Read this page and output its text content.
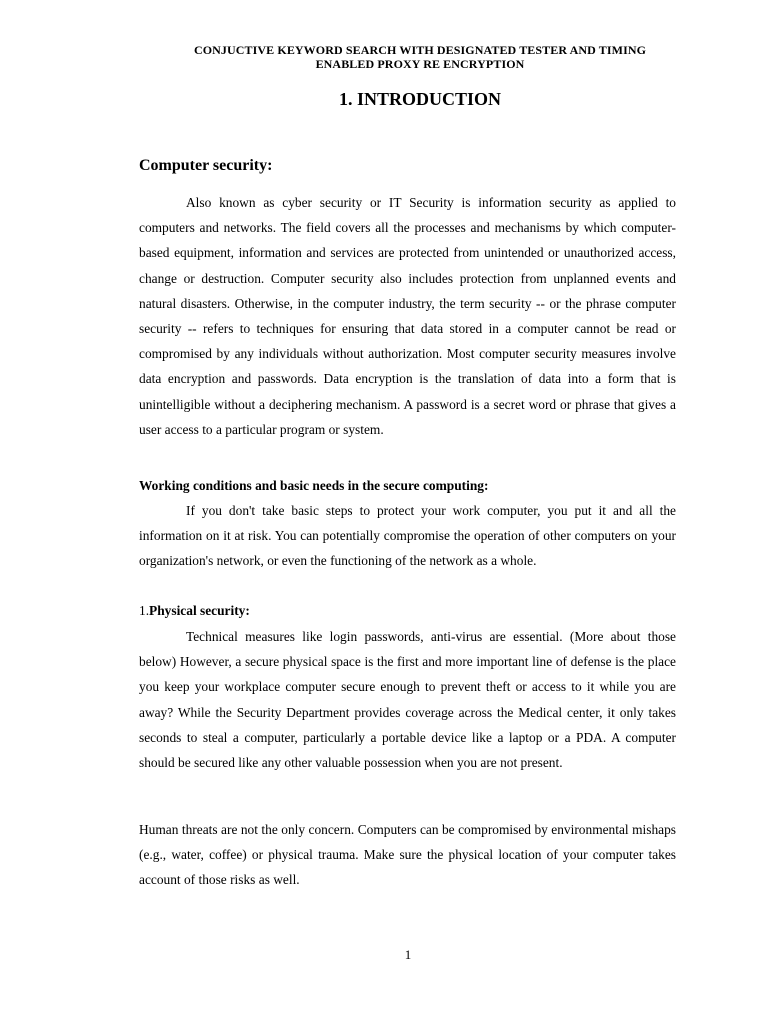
CONJUCTIVE KEYWORD SEARCH WITH DESIGNATED TESTER AND TIMING
ENABLED PROXY RE ENCRYPTION
1. INTRODUCTION
Computer security:

Also known as cyber security or IT Security is information security as applied to computers and networks. The field covers all the processes and mechanisms by which computer-based equipment, information and services are protected from unintended or unauthorized access, change or destruction. Computer security also includes protection from unplanned events and natural disasters. Otherwise, in the computer industry, the term security -- or the phrase computer security -- refers to techniques for ensuring that data stored in a computer cannot be read or compromised by any individuals without authorization. Most computer security measures involve data encryption and passwords. Data encryption is the translation of data into a form that is unintelligible without a deciphering mechanism. A password is a secret word or phrase that gives a user access to a particular program or system.

Working conditions and basic needs in the secure computing:

If you don't take basic steps to protect your work computer, you put it and all the information on it at risk. You can potentially compromise the operation of other computers on your organization's network, or even the functioning of the network as a whole.

1.Physical security:

Technical measures like login passwords, anti-virus are essential. (More about those below) However, a secure physical space is the first and more important line of defense is the place you keep your workplace computer secure enough to prevent theft or access to it while you are away? While the Security Department provides coverage across the Medical center, it only takes seconds to steal a computer, particularly a portable device like a laptop or a PDA. A computer should be secured like any other valuable possession when you are not present.

Human threats are not the only concern. Computers can be compromised by environmental mishaps (e.g., water, coffee) or physical trauma. Make sure the physical location of your computer takes account of those risks as well.

1
